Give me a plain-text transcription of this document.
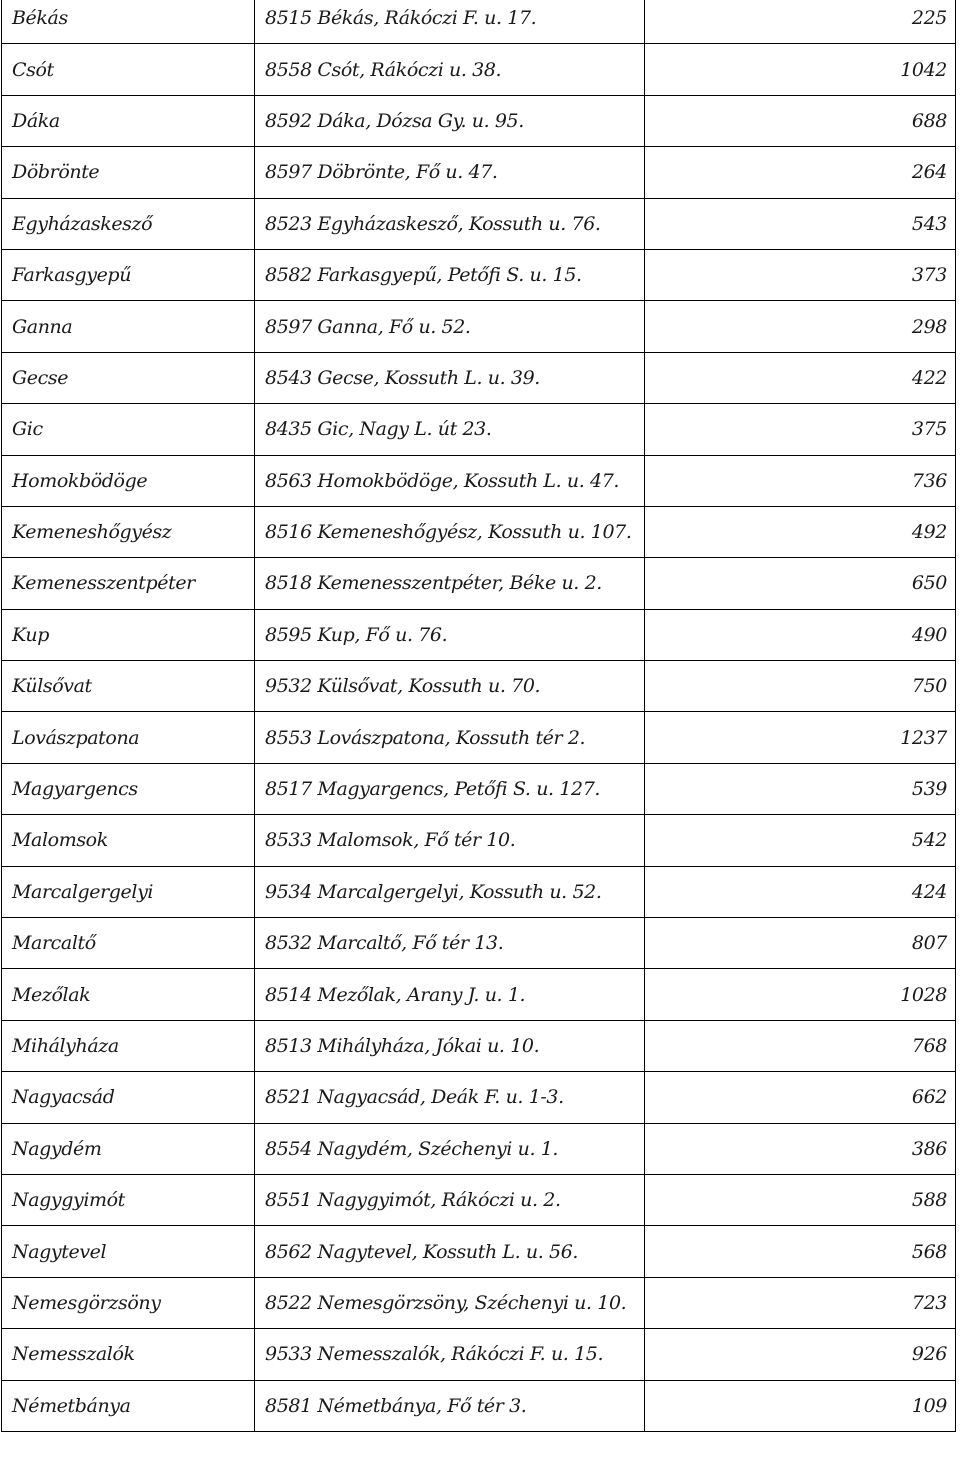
Békás	8515 Békás, Rákóczi F. u. 17.	225
Csót	8558 Csót, Rákóczi u. 38.	1042
Dáka	8592 Dáka, Dózsa Gy. u. 95.	688
Döbrönte	8597 Döbrönte, Fő u. 47.	264
Egyházaskesző	8523 Egyházaskesző, Kossuth u. 76.	543
Farkasgyepű	8582 Farkasgyepű, Petőfi S. u. 15.	373
Ganna	8597 Ganna, Fő u. 52.	298
Gecse	8543 Gecse, Kossuth L. u. 39.	422
Gic	8435 Gic, Nagy L. út 23.	375
Homokbödöge	8563 Homokbödöge, Kossuth L. u. 47.	736
Kemeneshőgyész	8516 Kemeneshőgyész, Kossuth u. 107.	492
Kemenesszentpéter	8518 Kemenesszentpéter, Béke u. 2.	650
Kup	8595 Kup, Fő u. 76.	490
Külsővat	9532 Külsővat, Kossuth u. 70.	750
Lovászpatona	8553 Lovászpatona, Kossuth tér 2.	1237
Magyargencs	8517 Magyargencs, Petőfi S. u. 127.	539
Malomsok	8533 Malomsok, Fő tér 10.	542
Marcalgergelyi	9534 Marcalgergelyi, Kossuth u. 52.	424
Marcaltő	8532 Marcaltő, Fő tér 13.	807
Mezőlak	8514 Mezőlak, Arany J. u. 1.	1028
Mihályháza	8513 Mihályháza, Jókai u. 10.	768
Nagyacsád	8521 Nagyacsád, Deák F. u. 1-3.	662
Nagydém	8554 Nagydém, Széchenyi u. 1.	386
Nagygyimót	8551 Nagygyimót, Rákóczi u. 2.	588
Nagytevel	8562 Nagytevel, Kossuth L. u. 56.	568
Nemesgörzsöny	8522 Nemesgörzsöny, Széchenyi u. 10.	723
Nemesszalók	9533 Nemesszalók, Rákóczi F. u. 15.	926
Németbánya	8581 Németbánya, Fő tér 3.	109
